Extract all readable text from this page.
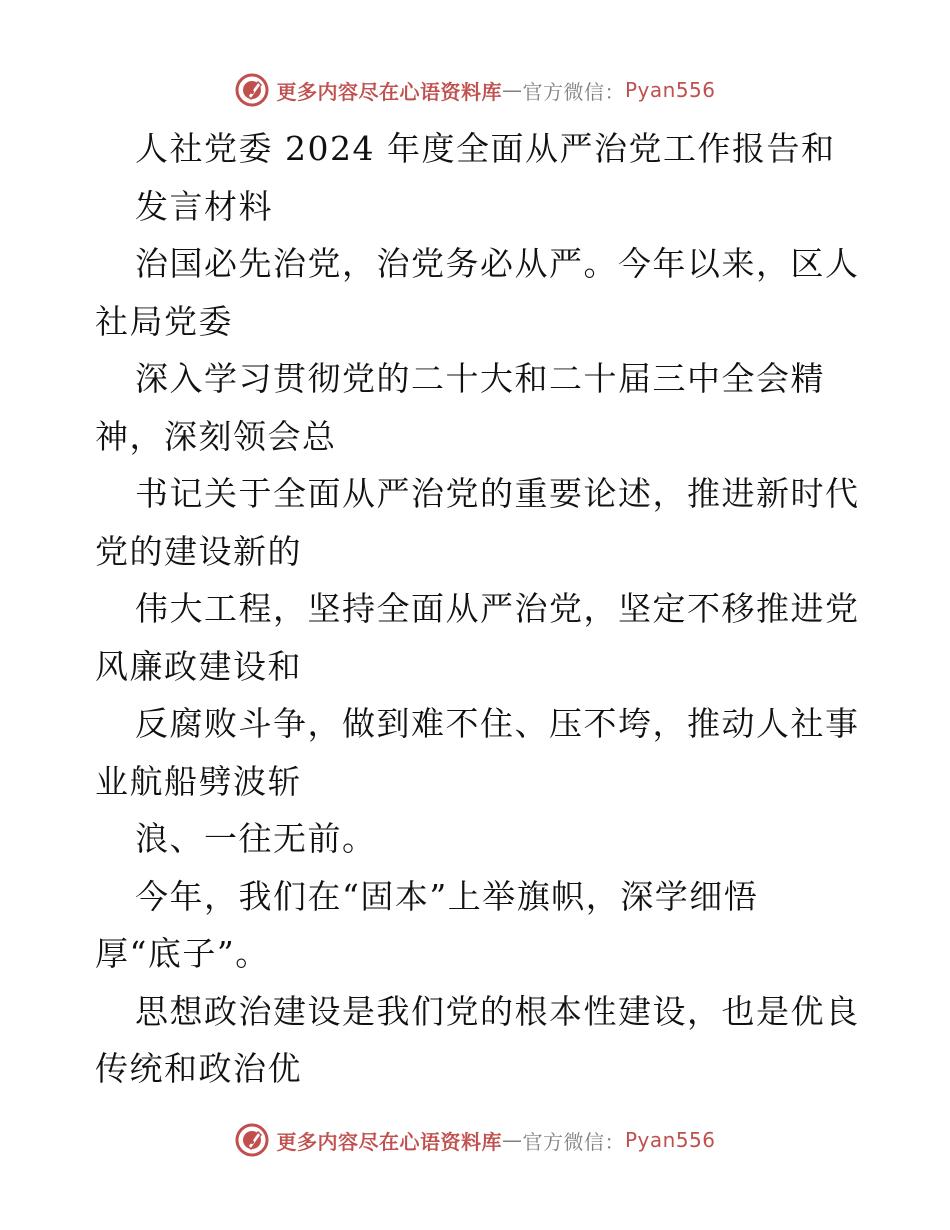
更多内容尽在心语资料库 — 官方微信： Pyan556
人社党委 2024 年度全面从严治党工作报告和
发言材料
治国必先治党，治党务必从严。今年以来，区人
社局党委
深入学习贯彻党的二十大和二十届三中全会精
神，深刻领会总
书记关于全面从严治党的重要论述，推进新时代
党的建设新的
伟大工程，坚持全面从严治党，坚定不移推进党
风廉政建设和
反腐败斗争，做到难不住、压不垮，推动人社事
业航船劈波斩
浪、一往无前。
今年，我们在“固本”上举旗帜，深学细悟
厚“底子”。
思想政治建设是我们党的根本性建设，也是优良
传统和政治优
更多内容尽在心语资料库 — 官方微信： Pyan556
